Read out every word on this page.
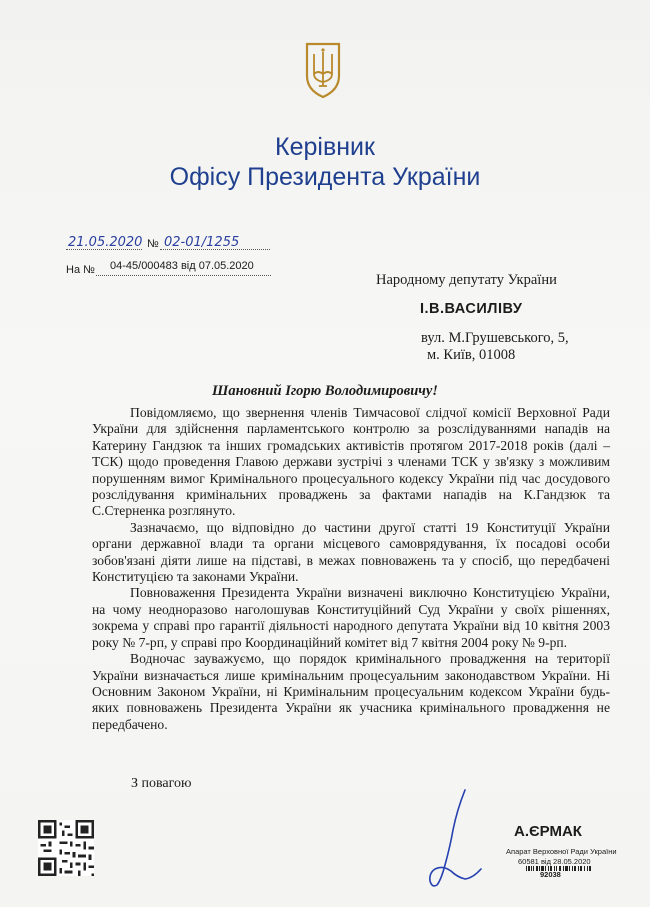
Керівник
Офісу Президента України
21.05.2020 № 02-01/1255
На № 04-45/000483 від 07.05.2020
Народному депутату України
І.В.ВАСИЛІВУ
вул. М.Грушевського, 5,
м. Київ, 01008
Шановний Ігорю Володимировичу!

Повідомляємо, що звернення членів Тимчасової слідчої комісії Верховної Ради України для здійснення парламентського контролю за розслідуваннями нападів на Катерину Гандзюк та інших громадських активістів протягом 2017-2018 років (далі – ТСК) щодо проведення Главою держави зустрічі з членами ТСК у зв'язку з можливим порушенням вимог Кримінального процесуального кодексу України під час досудового розслідування кримінальних проваджень за фактами нападів на К.Гандзюк та С.Стерненка розглянуто.

Зазначаємо, що відповідно до частини другої статті 19 Конституції України органи державної влади та органи місцевого самоврядування, їх посадові особи зобов'язані діяти лише на підставі, в межах повноважень та у спосіб, що передбачені Конституцією та законами України.

Повноваження Президента України визначені виключно Конституцією України, на чому неодноразово наголошував Конституційний Суд України у своїх рішеннях, зокрема у справі про гарантії діяльності народного депутата України від 10 квітня 2003 року № 7-рп, у справі про Координаційний комітет від 7 квітня 2004 року № 9-рп.

Водночас зауважуємо, що порядок кримінального провадження на території України визначається лише кримінальним процесуальним законодавством України. Ні Основним Законом України, ні Кримінальним процесуальним кодексом України будь-яких повноважень Президента України як учасника кримінального провадження не передбачено.

З повагою
А.ЄРМАК
Апарат Верховної Ради України
60581 від 28.05.2020
92038
